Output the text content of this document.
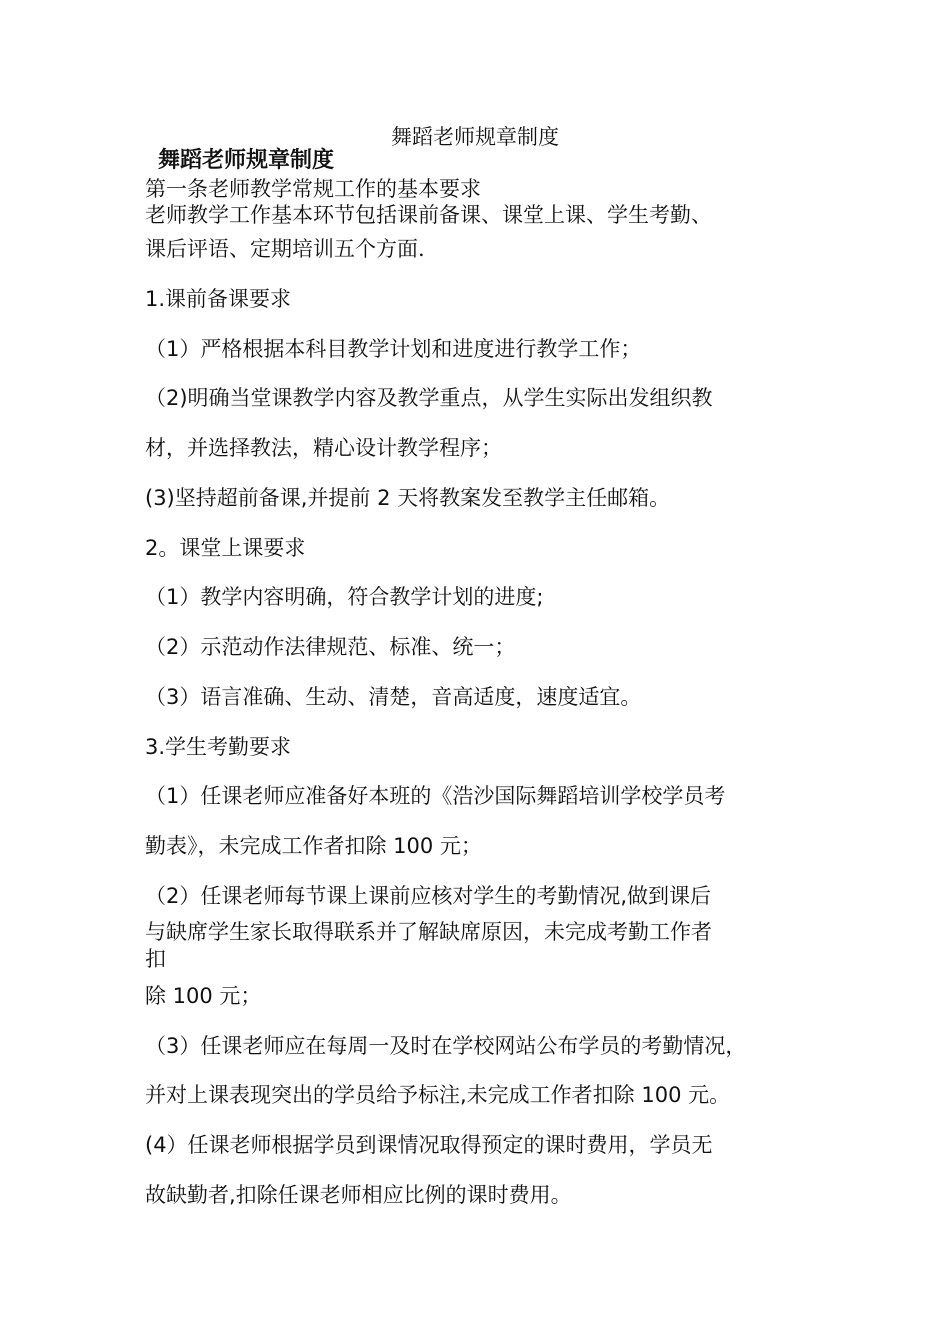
舞蹈老师规章制度
舞蹈老师规章制度
第一条老师教学常规工作的基本要求
老师教学工作基本环节包括课前备课、课堂上课、学生考勤、
课后评语、定期培训五个方面.
1.课前备课要求
（1）严格根据本科目教学计划和进度进行教学工作；
（2)明确当堂课教学内容及教学重点，从学生实际出发组织教
材，并选择教法，精心设计教学程序；
(3)坚持超前备课,并提前 2 天将教案发至教学主任邮箱。
2。课堂上课要求
（1）教学内容明确，符合教学计划的进度;
（2）示范动作法律规范、标准、统一；
（3）语言准确、生动、清楚，音高适度，速度适宜。
3.学生考勤要求
（1）任课老师应准备好本班的《浩沙国际舞蹈培训学校学员考
勤表》，未完成工作者扣除 100 元；
（2）任课老师每节课上课前应核对学生的考勤情况,做到课后
与缺席学生家长取得联系并了解缺席原因，未完成考勤工作者
扣
除 100 元；
（3）任课老师应在每周一及时在学校网站公布学员的考勤情况，
并对上课表现突出的学员给予标注,未完成工作者扣除 100 元。
(4）任课老师根据学员到课情况取得预定的课时费用，学员无
故缺勤者,扣除任课老师相应比例的课时费用。
